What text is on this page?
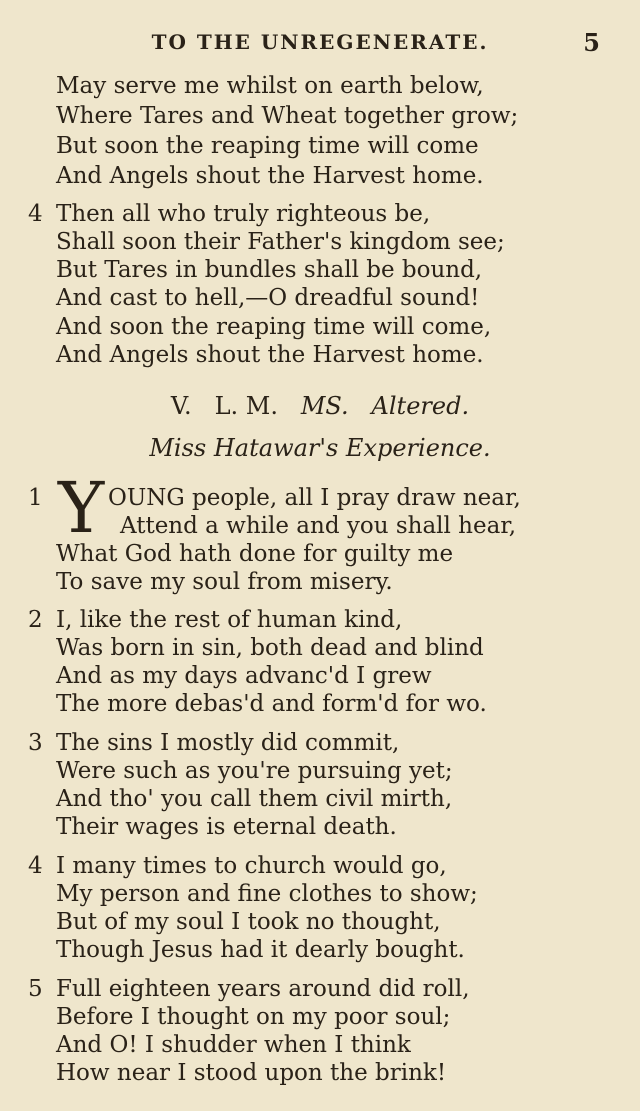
TO THE UNREGENERATE.	5
May serve me whilst on earth below,
Where Tares and Wheat together grow;
But soon the reaping time will come
And Angels shout the Harvest home.
4 Then all who truly righteous be,
Shall soon their Father's kingdom see;
But Tares in bundles shall be bound,
And cast to hell,—O dreadful sound!
And soon the reaping time will come,
And Angels shout the Harvest home.
V. L. M. MS. Altered.
Miss Hatawar's Experience.
1 Y OUNG people, all I pray draw near,
Attend a while and you shall hear,
What God hath done for guilty me
To save my soul from misery.
2 I, like the rest of human kind,
Was born in sin, both dead and blind
And as my days advanc'd I grew
The more debas'd and form'd for wo.
3 The sins I mostly did commit,
Were such as you're pursuing yet;
And tho' you call them civil mirth,
Their wages is eternal death.
4 I many times to church would go,
My person and fine clothes to show;
But of my soul I took no thought,
Though Jesus had it dearly bought.
5 Full eighteen years around did roll,
Before I thought on my poor soul;
And O! I shudder when I think
How near I stood upon the brink!
